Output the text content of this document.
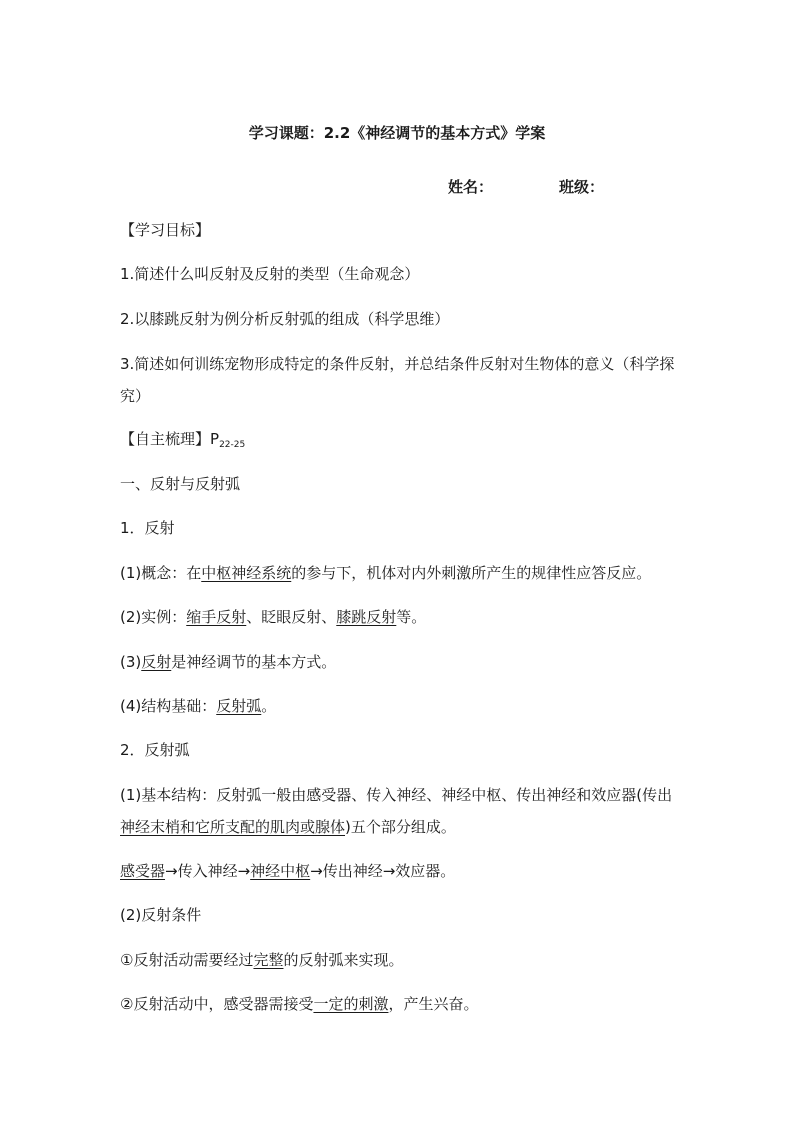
学习课题：2.2《神经调节的基本方式》学案
姓名：	班级：
【学习目标】
1.简述什么叫反射及反射的类型（生命观念）
2.以膝跳反射为例分析反射弧的组成（科学思维）
3.简述如何训练宠物形成特定的条件反射，并总结条件反射对生物体的意义（科学探究）
【自主梳理】$P_{22-25}$
一、反射与反射弧
1．反射
(1)概念：在中枢神经系统的参与下，机体对内外刺激所产生的规律性应答反应。
(2)实例：缩手反射、眨眼反射、膝跳反射等。
(3)反射是神经调节的基本方式。
(4)结构基础：反射弧。
2．反射弧
(1)基本结构：反射弧一般由感受器、传入神经、神经中枢、传出神经和效应器(传出神经末梢和它所支配的肌肉或腺体)五个部分组成。
感受器→传入神经→神经中枢→传出神经→效应器。
(2)反射条件
①反射活动需要经过完整的反射弧来实现。
②反射活动中，感受器需接受一定的刺激，产生兴奋。
